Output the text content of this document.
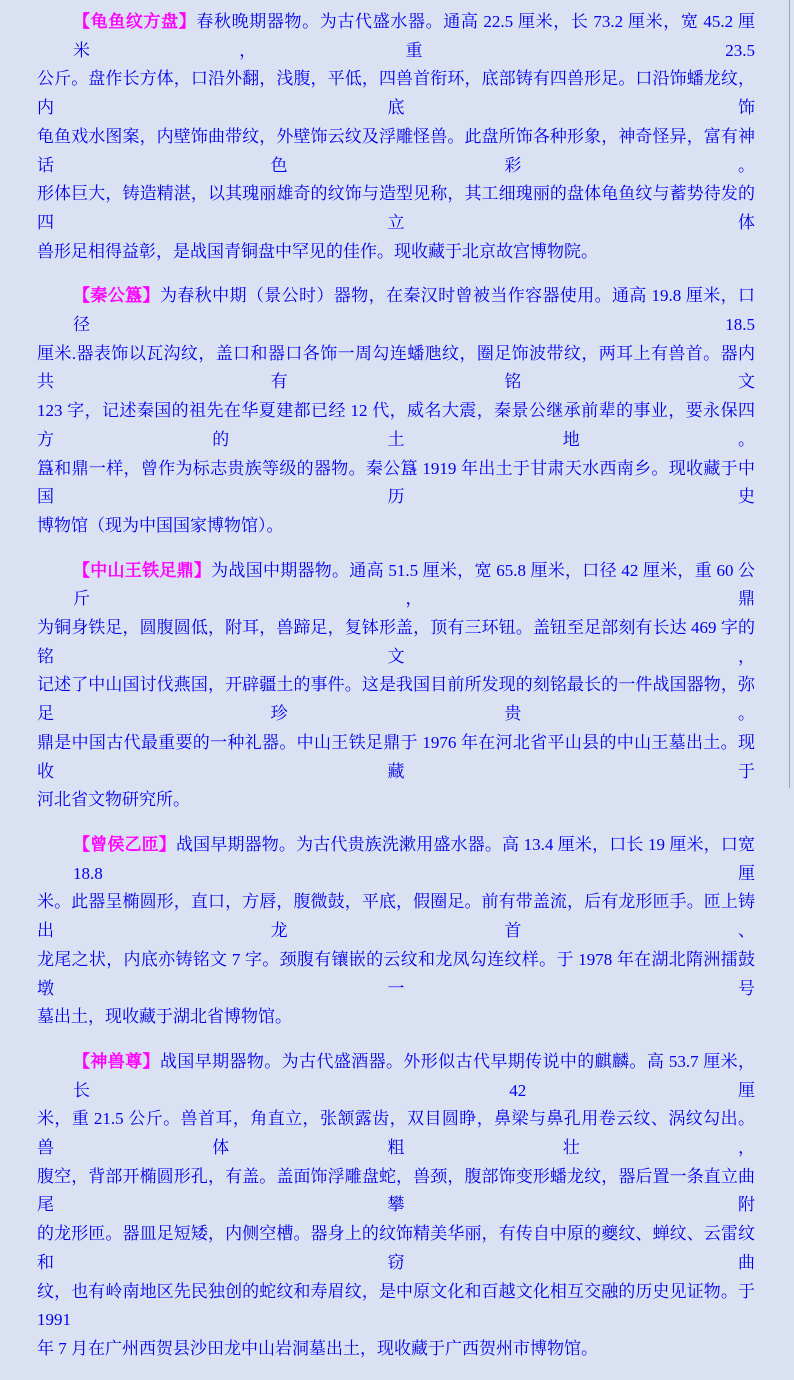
【龟鱼纹方盘】春秋晚期器物。为古代盛水器。通高 22.5 厘米，长 73.2 厘米，宽 45.2 厘米，重 23.5
公斤。盘作长方体，口沿外翻，浅腹，平低，四兽首衔环，底部铸有四兽形足。口沿饰蟠龙纹，内底饰
龟鱼戏水图案，内壁饰曲带纹，外壁饰云纹及浮雕怪兽。此盘所饰各种形象，神奇怪异，富有神话色彩。
形体巨大，铸造精湛，以其瑰丽雄奇的纹饰与造型见称，其工细瑰丽的盘体龟鱼纹与蓄势待发的四立体
兽形足相得益彰，是战国青铜盘中罕见的佳作。现收藏于北京故宫博物院。
【秦公簋】为春秋中期（景公时）器物，在秦汉时曾被当作容器使用。通高 19.8 厘米，口径 18.5
厘米.器表饰以瓦沟纹，盖口和器口各饰一周勾连蟠虺纹，圈足饰波带纹，两耳上有兽首。器内共有铭文
123 字，记述秦国的祖先在华夏建都已经 12 代，威名大震，秦景公继承前辈的事业，要永保四方的土地。
簋和鼎一样，曾作为标志贵族等级的器物。秦公簋 1919 年出土于甘肃天水西南乡。现收藏于中国历史
博物馆（现为中国国家博物馆）。
【中山王铁足鼎】为战国中期器物。通高 51.5 厘米，宽 65.8 厘米，口径 42 厘米，重 60 公斤，鼎
为铜身铁足，圆腹圆低，附耳，兽蹄足，复钵形盖，顶有三环钮。盖钮至足部刻有长达 469 字的铭文，
记述了中山国讨伐燕国，开辟疆土的事件。这是我国目前所发现的刻铭最长的一件战国器物，弥足珍贵。
鼎是中国古代最重要的一种礼器。中山王铁足鼎于 1976 年在河北省平山县的中山王墓出土。现收藏于
河北省文物研究所。
【曾侯乙匝】战国早期器物。为古代贵族洗漱用盛水器。高 13.4 厘米，口长 19 厘米，口宽 18.8 厘
米。此器呈椭圆形，直口，方唇，腹微鼓，平底，假圈足。前有带盖流，后有龙形匝手。匝上铸出龙首、
龙尾之状，内底亦铸铭文 7 字。颈腹有镶嵌的云纹和龙凤勾连纹样。于 1978 年在湖北隋洲擂鼓墩一号
墓出土，现收藏于湖北省博物馆。
【神兽尊】战国早期器物。为古代盛酒器。外形似古代早期传说中的麒麟。高 53.7 厘米，长 42 厘
米，重 21.5 公斤。兽首耳，角直立，张颔露齿，双目圆睁，鼻梁与鼻孔用卷云纹、涡纹勾出。兽体粗壮，
腹空，背部开椭圆形孔，有盖。盖面饰浮雕盘蛇，兽颈，腹部饰变形蟠龙纹，器后置一条直立曲尾攀附
的龙形匝。器皿足短矮，内侧空槽。器身上的纹饰精美华丽，有传自中原的夔纹、蝉纹、云雷纹和窃曲
纹，也有岭南地区先民独创的蛇纹和寿眉纹，是中原文化和百越文化相互交融的历史见证物。于 1991
年 7 月在广州西贺县沙田龙中山岩洞墓出土，现收藏于广西贺州市博物馆。
